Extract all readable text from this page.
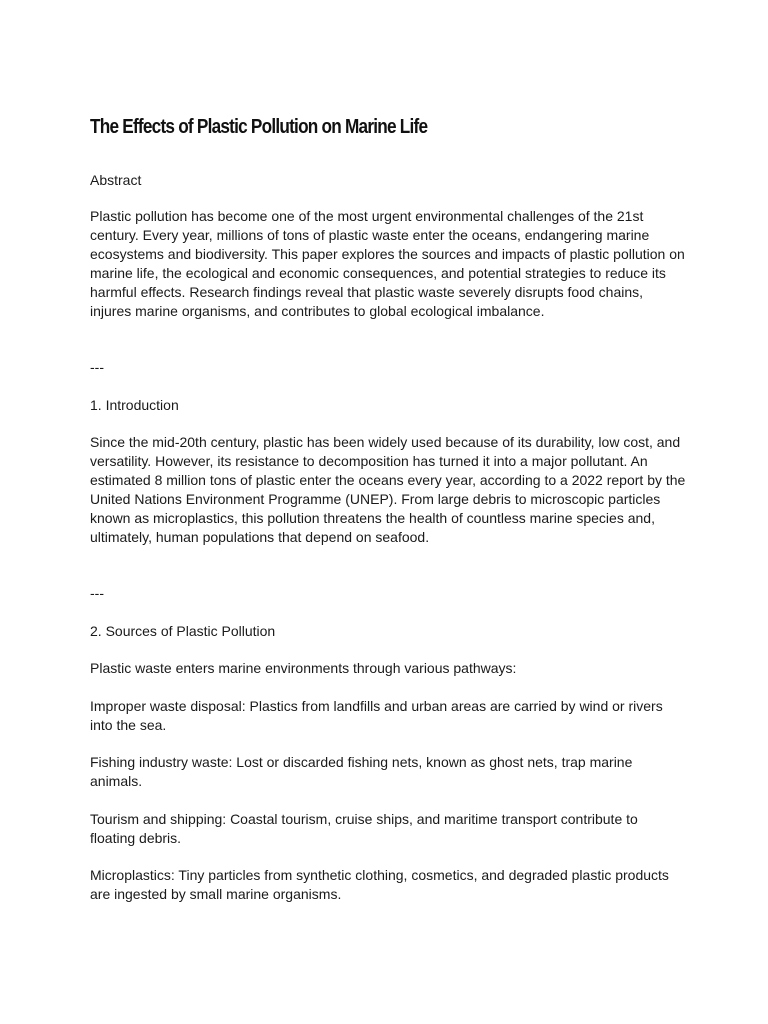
The Effects of Plastic Pollution on Marine Life

Abstract

Plastic pollution has become one of the most urgent environmental challenges of the 21st century. Every year, millions of tons of plastic waste enter the oceans, endangering marine ecosystems and biodiversity. This paper explores the sources and impacts of plastic pollution on marine life, the ecological and economic consequences, and potential strategies to reduce its harmful effects. Research findings reveal that plastic waste severely disrupts food chains, injures marine organisms, and contributes to global ecological imbalance.

---

1. Introduction

Since the mid-20th century, plastic has been widely used because of its durability, low cost, and versatility. However, its resistance to decomposition has turned it into a major pollutant. An estimated 8 million tons of plastic enter the oceans every year, according to a 2022 report by the United Nations Environment Programme (UNEP). From large debris to microscopic particles known as microplastics, this pollution threatens the health of countless marine species and, ultimately, human populations that depend on seafood.

---

2. Sources of Plastic Pollution

Plastic waste enters marine environments through various pathways:

Improper waste disposal: Plastics from landfills and urban areas are carried by wind or rivers into the sea.

Fishing industry waste: Lost or discarded fishing nets, known as ghost nets, trap marine animals.

Tourism and shipping: Coastal tourism, cruise ships, and maritime transport contribute to floating debris.

Microplastics: Tiny particles from synthetic clothing, cosmetics, and degraded plastic products are ingested by small marine organisms.
